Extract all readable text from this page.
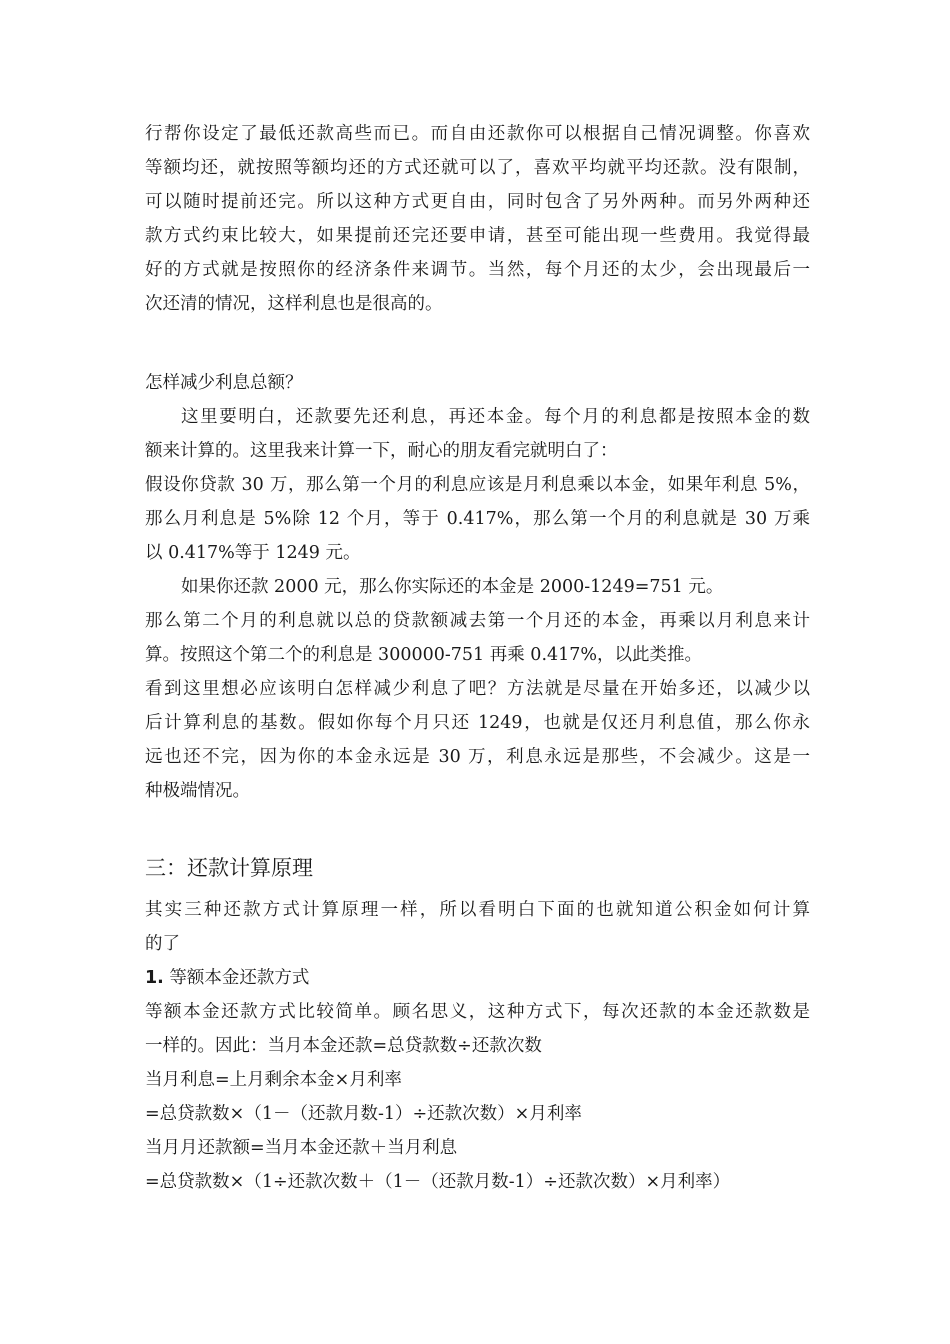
行帮你设定了最低还款高些而已。而自由还款你可以根据自己情况调整。你喜欢
等额均还，就按照等额均还的方式还就可以了，喜欢平均就平均还款。没有限制，
可以随时提前还完。所以这种方式更自由，同时包含了另外两种。而另外两种还
款方式约束比较大，如果提前还完还要申请，甚至可能出现一些费用。我觉得最
好的方式就是按照你的经济条件来调节。当然，每个月还的太少，会出现最后一
次还清的情况，这样利息也是很高的。
怎样减少利息总额？
这里要明白，还款要先还利息，再还本金。每个月的利息都是按照本金的数
额来计算的。这里我来计算一下，耐心的朋友看完就明白了：
假设你贷款 30 万，那么第一个月的利息应该是月利息乘以本金，如果年利息 5%，
那么月利息是 5%除 12 个月，等于 0.417%，那么第一个月的利息就是 30 万乘
以 0.417%等于 1249 元。
如果你还款 2000 元，那么你实际还的本金是 2000-1249=751 元。
那么第二个月的利息就以总的贷款额减去第一个月还的本金，再乘以月利息来计
算。按照这个第二个的利息是 300000-751 再乘 0.417%，以此类推。
看到这里想必应该明白怎样减少利息了吧？方法就是尽量在开始多还，以减少以
后计算利息的基数。假如你每个月只还 1249，也就是仅还月利息值，那么你永
远也还不完，因为你的本金永远是 30 万，利息永远是那些，不会减少。这是一
种极端情况。
三：还款计算原理
其实三种还款方式计算原理一样，所以看明白下面的也就知道公积金如何计算
的了
1. 等额本金还款方式
等额本金还款方式比较简单。顾名思义，这种方式下，每次还款的本金还款数是
一样的。因此：当月本金还款=总贷款数÷还款次数
当月利息=上月剩余本金×月利率
=总贷款数×（1－（还款月数-1）÷还款次数）×月利率
当月月还款额=当月本金还款＋当月利息
=总贷款数×（1÷还款次数＋（1－（还款月数-1）÷还款次数）×月利率）
